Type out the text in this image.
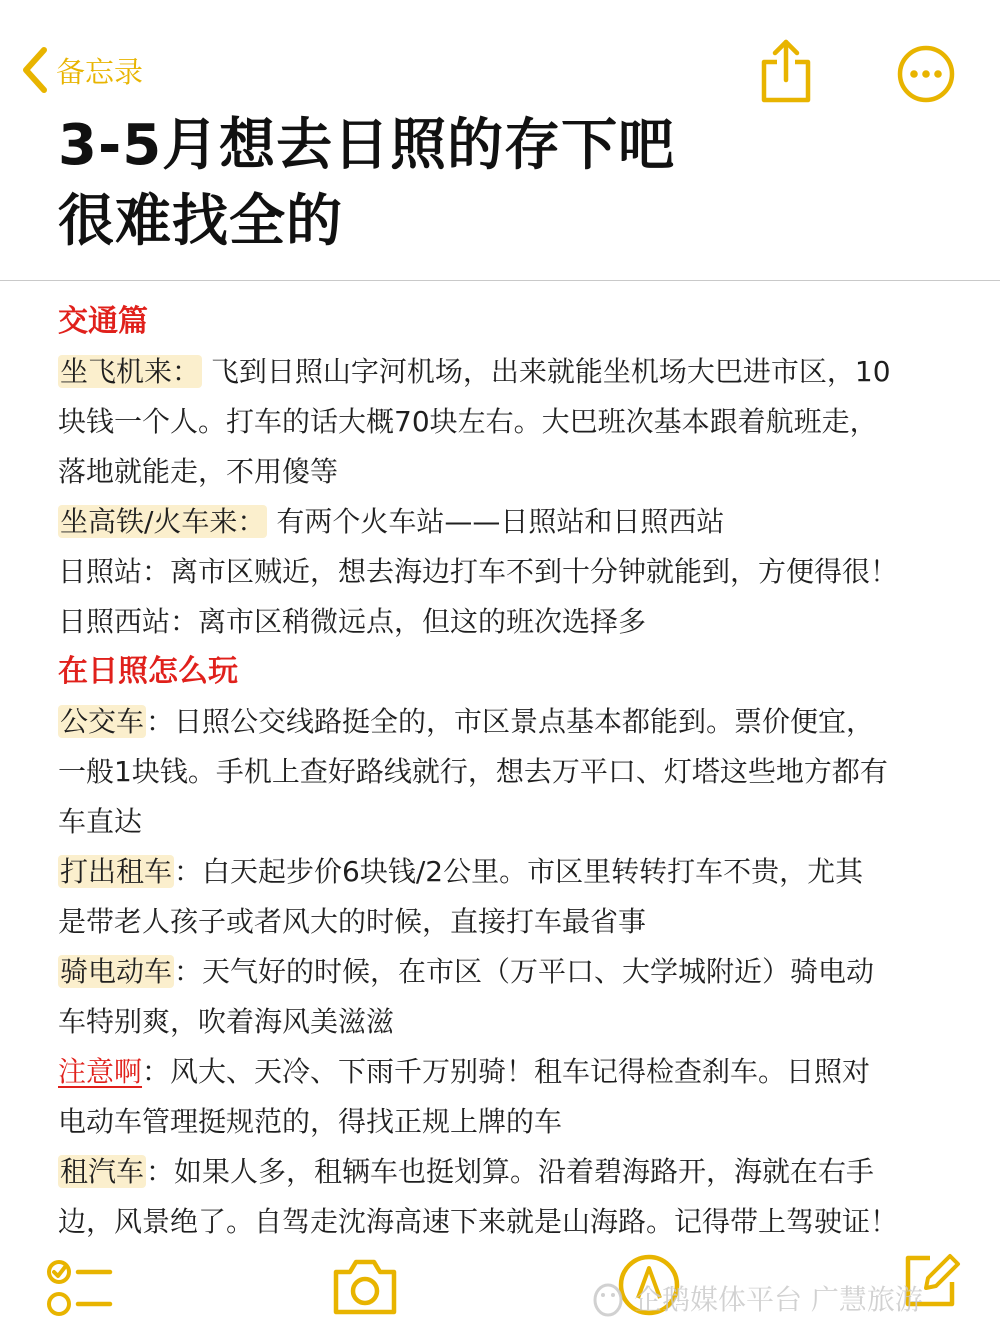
备忘录
3-5月想去日照的存下吧
很难找全的

交通篇

坐飞机来： 飞到日照山字河机场，出来就能坐机场大巴进市区，10

块钱一个人。打车的话大概70块左右。大巴班次基本跟着航班走，

落地就能走，不用傻等

坐高铁/火车来： 有两个火车站——日照站和日照西站

日照站：离市区贼近，想去海边打车不到十分钟就能到，方便得很！

日照西站：离市区稍微远点，但这的班次选择多

在日照怎么玩

公交车：日照公交线路挺全的，市区景点基本都能到。票价便宜，

一般1块钱。手机上查好路线就行，想去万平口、灯塔这些地方都有

车直达

打出租车：白天起步价6块钱/2公里。市区里转转打车不贵，尤其

是带老人孩子或者风大的时候，直接打车最省事

骑电动车：天气好的时候，在市区（万平口、大学城附近）骑电动

车特别爽，吹着海风美滋滋

注意啊：风大、天冷、下雨千万别骑！租车记得检查刹车。日照对

电动车管理挺规范的，得找正规上牌的车

租汽车：如果人多，租辆车也挺划算。沿着碧海路开，海就在右手

边，风景绝了。自驾走沈海高速下来就是山海路。记得带上驾驶证！

企鹅媒体平台 广慧旅游
